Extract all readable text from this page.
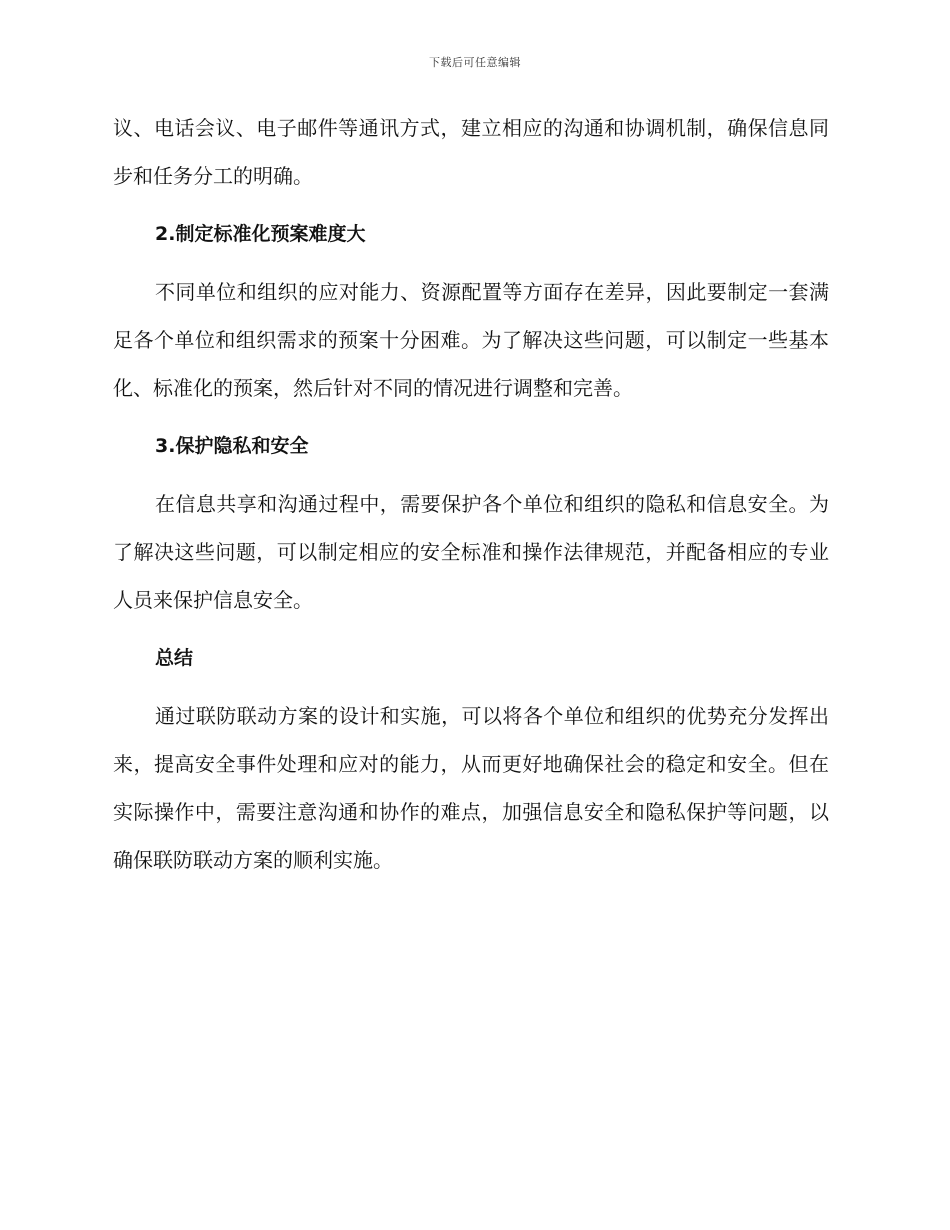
下载后可任意编辑

议、电话会议、电子邮件等通讯方式，建立相应的沟通和协调机制，确保信息同步和任务分工的明确。

2.制定标准化预案难度大

不同单位和组织的应对能力、资源配置等方面存在差异，因此要制定一套满足各个单位和组织需求的预案十分困难。为了解决这些问题，可以制定一些基本化、标准化的预案，然后针对不同的情况进行调整和完善。

3.保护隐私和安全

在信息共享和沟通过程中，需要保护各个单位和组织的隐私和信息安全。为了解决这些问题，可以制定相应的安全标准和操作法律规范，并配备相应的专业人员来保护信息安全。

总结

通过联防联动方案的设计和实施，可以将各个单位和组织的优势充分发挥出来，提高安全事件处理和应对的能力，从而更好地确保社会的稳定和安全。但在实际操作中，需要注意沟通和协作的难点，加强信息安全和隐私保护等问题，以确保联防联动方案的顺利实施。
